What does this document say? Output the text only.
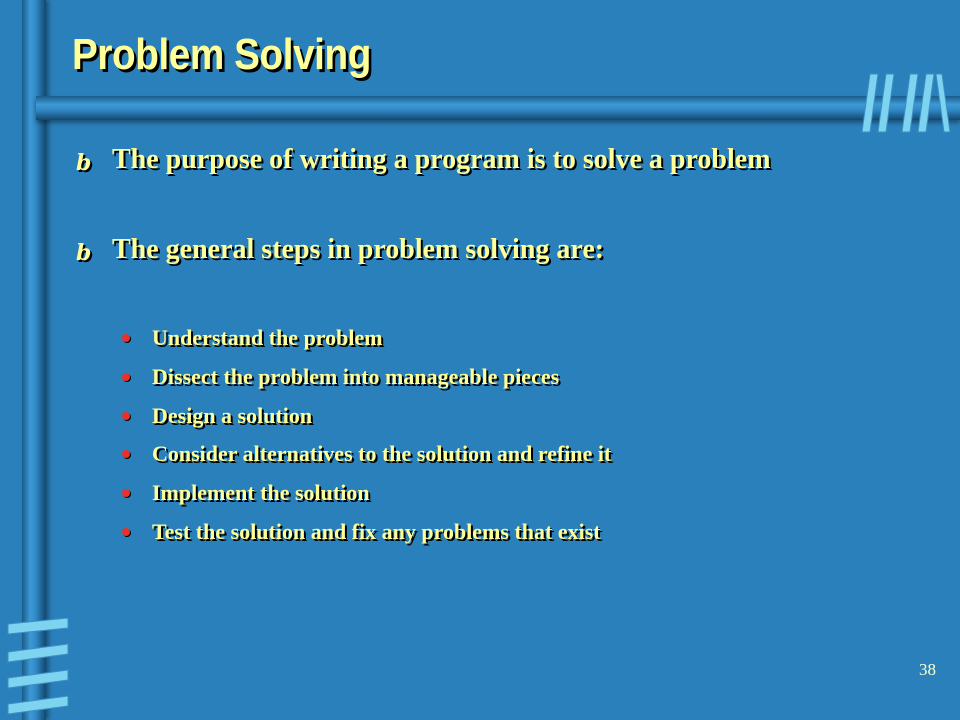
Problem Solving
b The purpose of writing a program is to solve a problem
b The general steps in problem solving are:
Understand the problem
Dissect the problem into manageable pieces
Design a solution
Consider alternatives to the solution and refine it
Implement the solution
Test the solution and fix any problems that exist
38
